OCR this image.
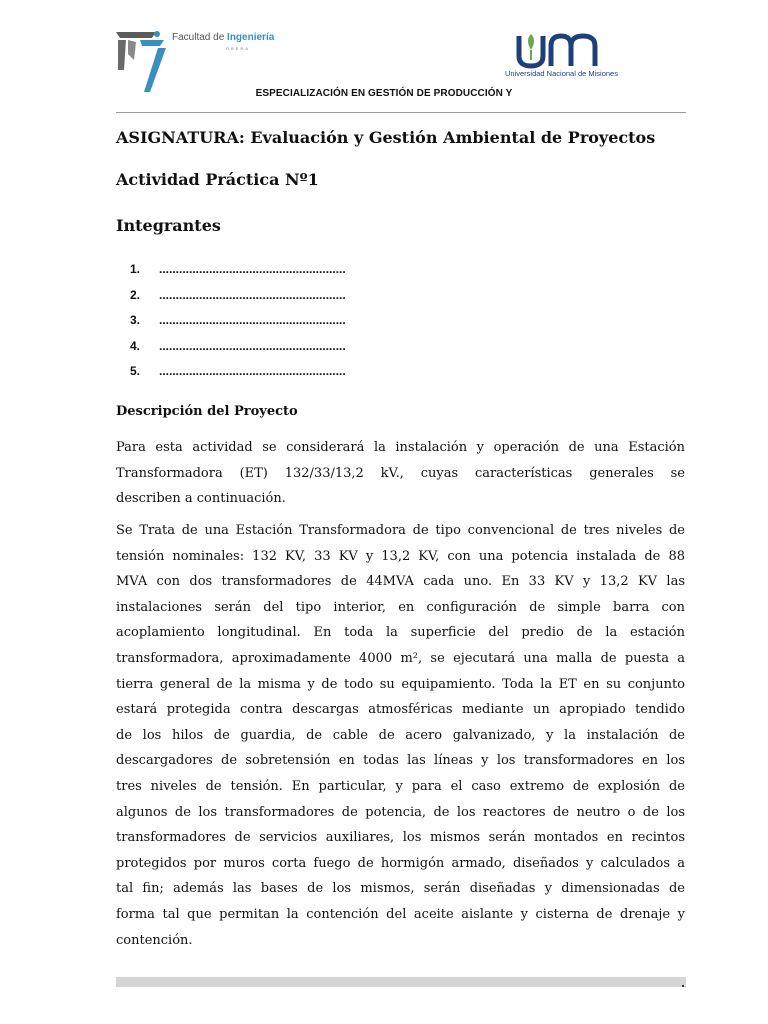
Facultad de Ingeniería
OBERÁ
Universidad Nacional de Misiones
ESPECIALIZACIÓN EN GESTIÓN DE PRODUCCIÓN Y
ASIGNATURA: Evaluación y Gestión Ambiental de Proyectos
Actividad Práctica Nº1
Integrantes
1.	........................................................
2.	........................................................
3.	........................................................
4.	........................................................
5.	........................................................
Descripción del Proyecto
Para esta actividad se considerará la instalación y operación de una Estación
Transformadora (ET) 132/33/13,2 kV., cuyas características generales se
describen a continuación.
Se Trata de una Estación Transformadora de tipo convencional de tres niveles de
tensión nominales: 132 KV, 33 KV y 13,2 KV, con una potencia instalada de 88
MVA con dos transformadores de 44MVA cada uno. En 33 KV y 13,2 KV las
instalaciones serán del tipo interior, en configuración de simple barra con
acoplamiento longitudinal. En toda la superficie del predio de la estación
transformadora, aproximadamente 4000 m², se ejecutará una malla de puesta a
tierra general de la misma y de todo su equipamiento. Toda la ET en su conjunto
estará protegida contra descargas atmosféricas mediante un apropiado tendido
de los hilos de guardia, de cable de acero galvanizado, y la instalación de
descargadores de sobretensión en todas las líneas y los transformadores en los
tres niveles de tensión. En particular, y para el caso extremo de explosión de
algunos de los transformadores de potencia, de los reactores de neutro o de los
transformadores de servicios auxiliares, los mismos serán montados en recintos
protegidos por muros corta fuego de hormigón armado, diseñados y calculados a
tal fin; además las bases de los mismos, serán diseñadas y dimensionadas de
forma tal que permitan la contención del aceite aislante y cisterna de drenaje y
contención.
